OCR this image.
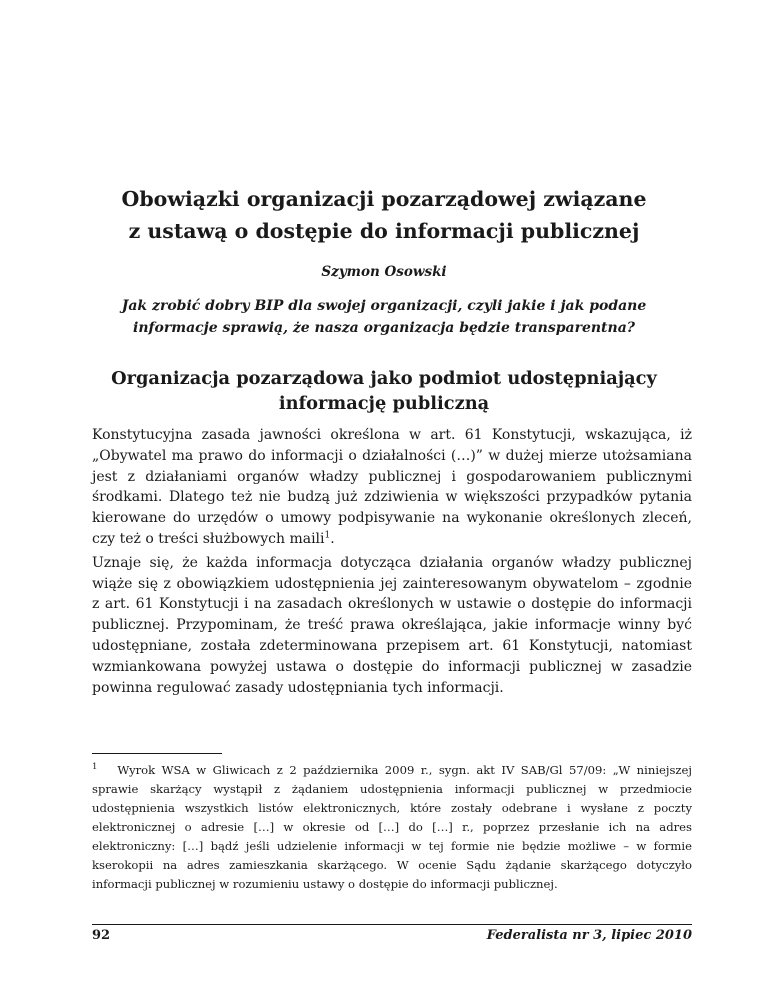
Obowiązki organizacji pozarządowej związane
z ustawą o dostępie do informacji publicznej
Szymon Osowski
Jak zrobić dobry BIP dla swojej organizacji, czyli jakie i jak podane informacje sprawią, że nasza organizacja będzie transparentna?
Organizacja pozarządowa jako podmiot udostępniający informację publiczną

Konstytucyjna zasada jawności określona w art. 61 Konstytucji, wskazująca, iż „Obywatel ma prawo do informacji o działalności (…)” w dużej mierze utożsamiana jest z działaniami organów władzy publicznej i gospodarowaniem publicznymi środkami. Dlatego też nie budzą już zdziwienia w większości przypadków pytania kierowane do urzędów o umowy podpisywanie na wykonanie określonych zleceń, czy też o treści służbowych maili$^1$.

Uznaje się, że każda informacja dotycząca działania organów władzy publicznej wiąże się z obowiązkiem udostępnienia jej zainteresowanym obywatelom – zgodnie z art. 61 Konstytucji i na zasadach określonych w ustawie o dostępie do informacji publicznej. Przypominam, że treść prawa określająca, jakie informacje winny być udostępniane, została zdeterminowana przepisem art. 61 Konstytucji, natomiast wzmiankowana powyżej ustawa o dostępie do informacji publicznej w zasadzie powinna regulować zasady udostępniania tych informacji.

$^1$ Wyrok WSA w Gliwicach z 2 października 2009 r., sygn. akt IV SAB/Gl 57/09: „W niniejszej sprawie skarżący wystąpił z żądaniem udostępnienia informacji publicznej w przedmiocie udostępnienia wszystkich listów elektronicznych, które zostały odebrane i wysłane z poczty elektronicznej o adresie […] w okresie od […] do […] r., poprzez przesłanie ich na adres elektroniczny: […] bądź jeśli udzielenie informacji w tej formie nie będzie możliwe – w formie kserokopii na adres zamieszkania skarżącego. W ocenie Sądu żądanie skarżącego dotyczyło informacji publicznej w rozumieniu ustawy o dostępie do informacji publicznej.
92	Federalista nr 3, lipiec 2010
